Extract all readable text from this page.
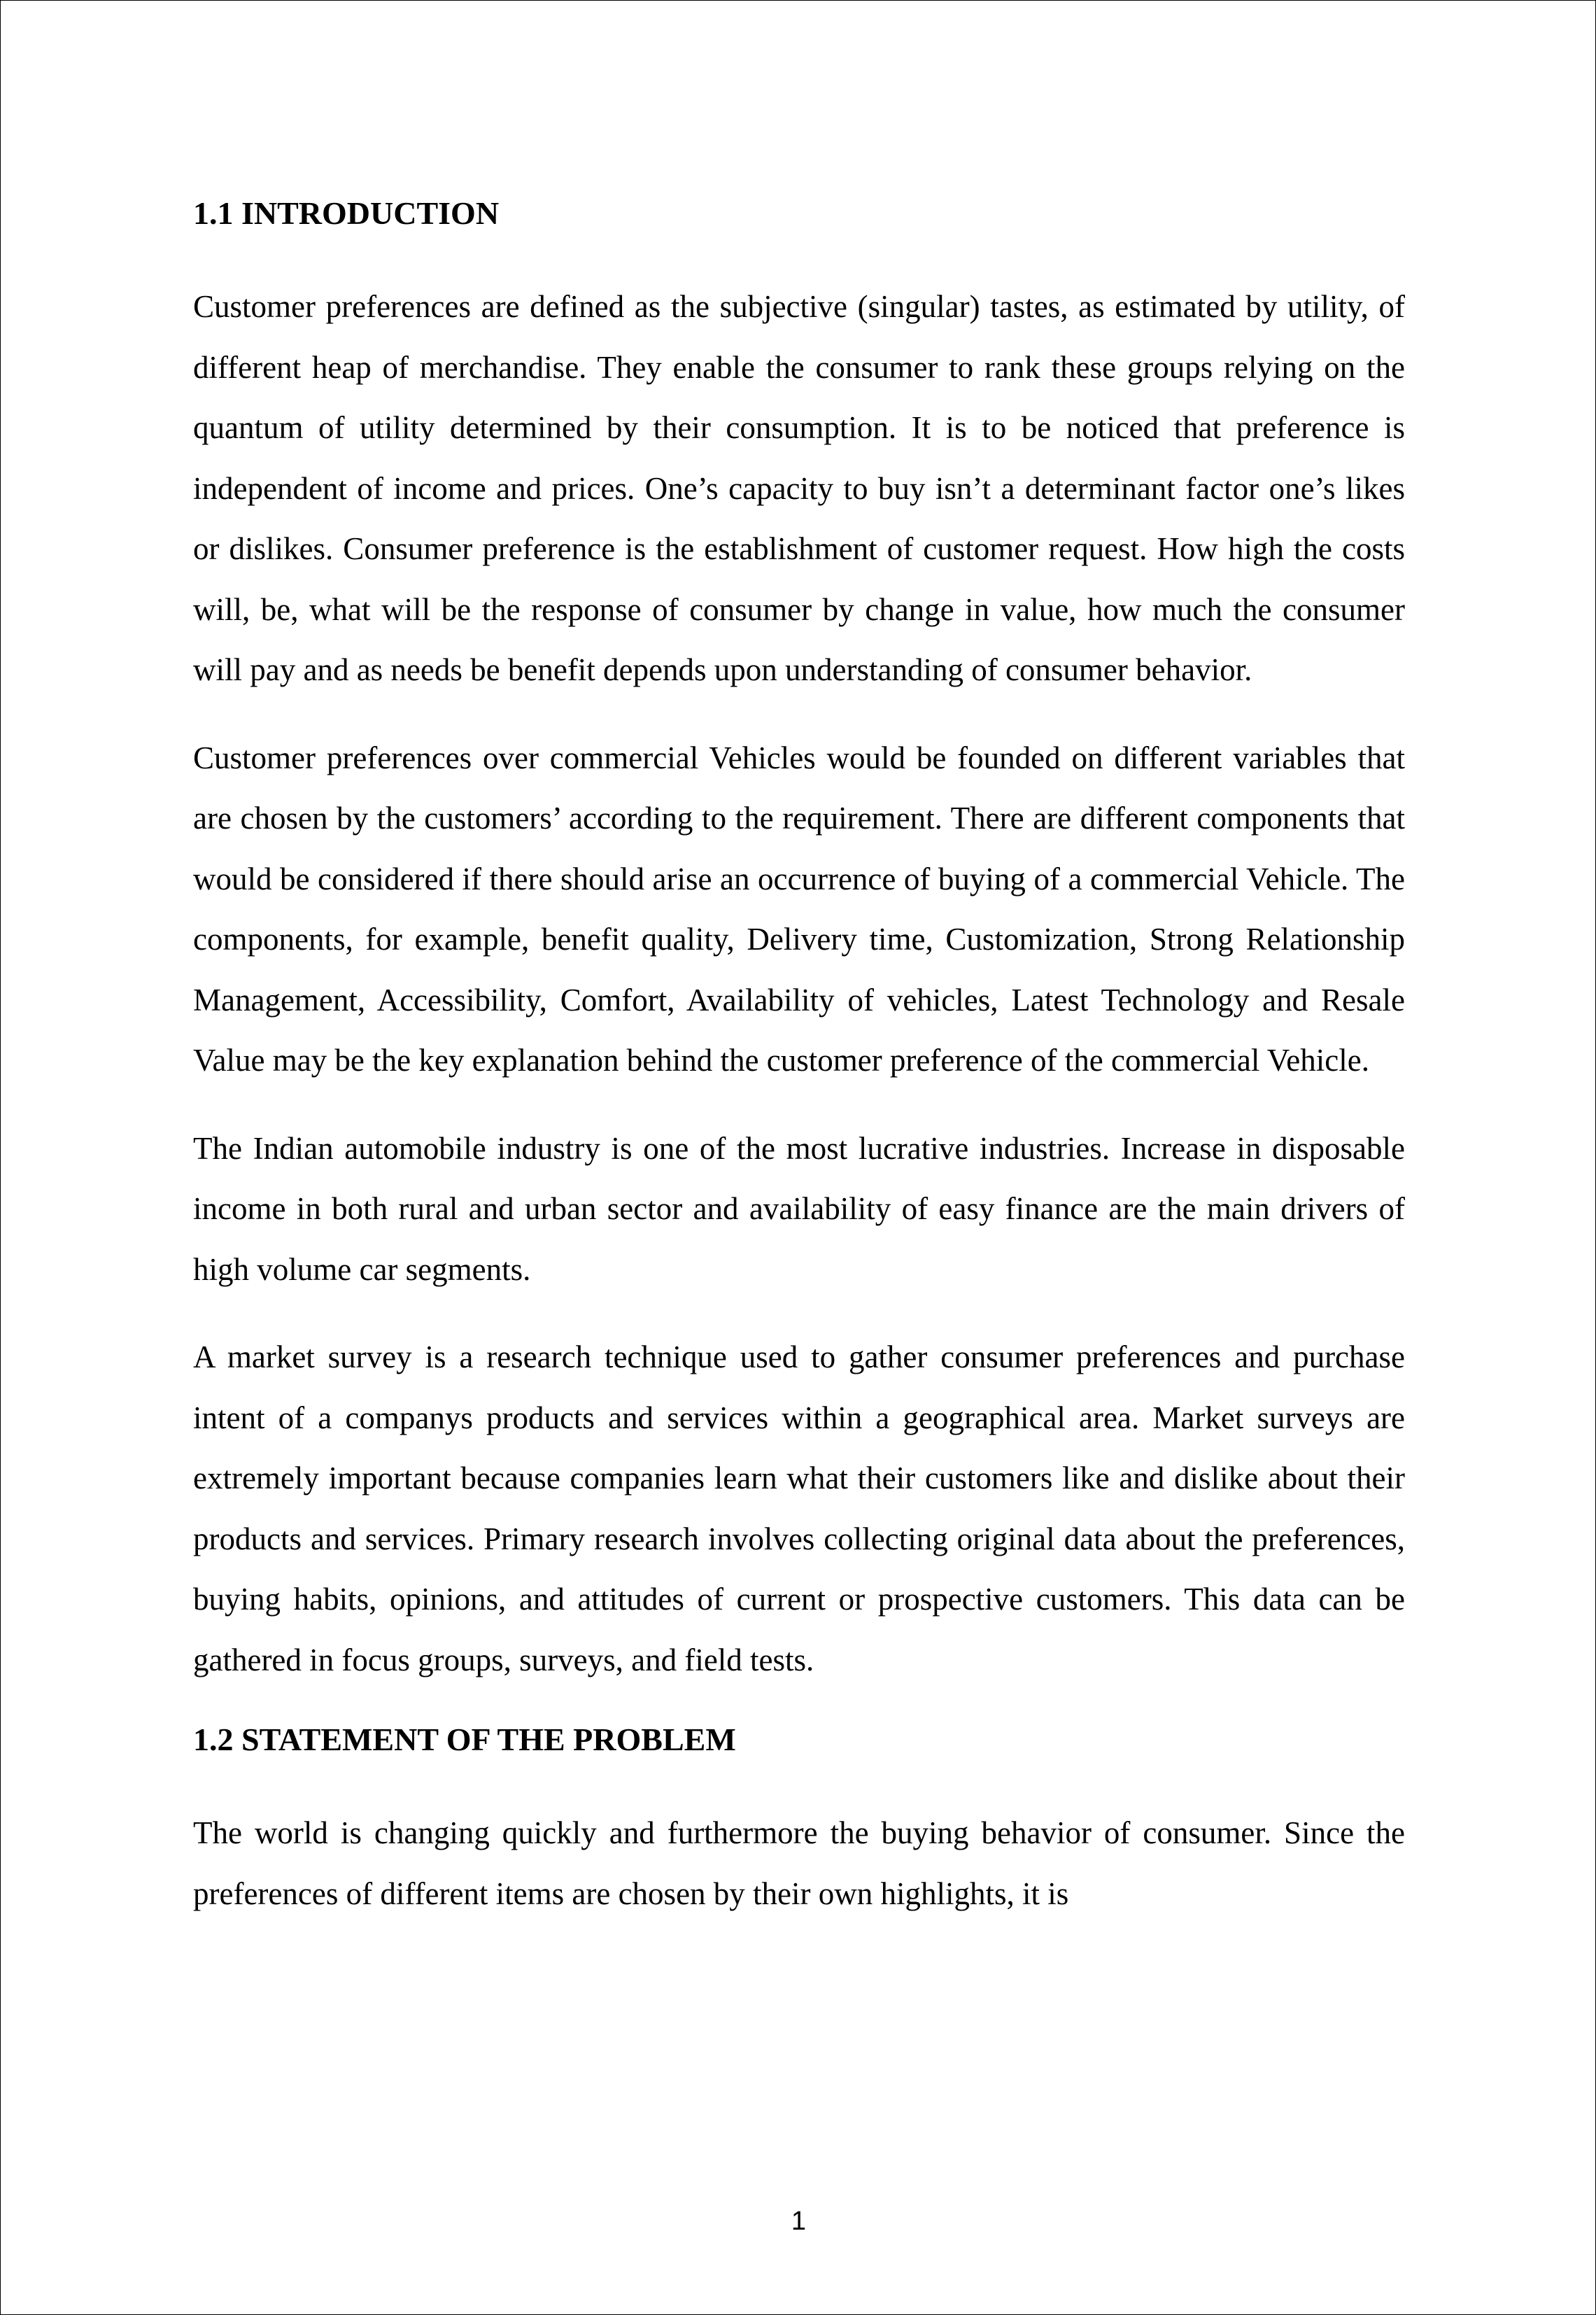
1.1 INTRODUCTION

Customer preferences are defined as the subjective (singular) tastes, as estimated by utility, of different heap of merchandise. They enable the consumer to rank these groups relying on the quantum of utility determined by their consumption. It is to be noticed that preference is independent of income and prices. One’s capacity to buy isn’t a determinant factor one’s likes or dislikes. Consumer preference is the establishment of customer request. How high the costs will, be, what will be the response of consumer by change in value, how much the consumer will pay and as needs be benefit depends upon understanding of consumer behavior.

Customer preferences over commercial Vehicles would be founded on different variables that are chosen by the customers’ according to the requirement. There are different components that would be considered if there should arise an occurrence of buying of a commercial Vehicle. The components, for example, benefit quality, Delivery time, Customization, Strong Relationship Management, Accessibility, Comfort, Availability of vehicles, Latest Technology and Resale Value may be the key explanation behind the customer preference of the commercial Vehicle.

The Indian automobile industry is one of the most lucrative industries. Increase in disposable income in both rural and urban sector and availability of easy finance are the main drivers of high volume car segments.

A market survey is a research technique used to gather consumer preferences and purchase intent of a companys products and services within a geographical area. Market surveys are extremely important because companies learn what their customers like and dislike about their products and services. Primary research involves collecting original data about the preferences, buying habits, opinions, and attitudes of current or prospective customers. This data can be gathered in focus groups, surveys, and field tests.

1.2 STATEMENT OF THE PROBLEM

The world is changing quickly and furthermore the buying behavior of consumer. Since the preferences of different items are chosen by their own highlights, it is

1
